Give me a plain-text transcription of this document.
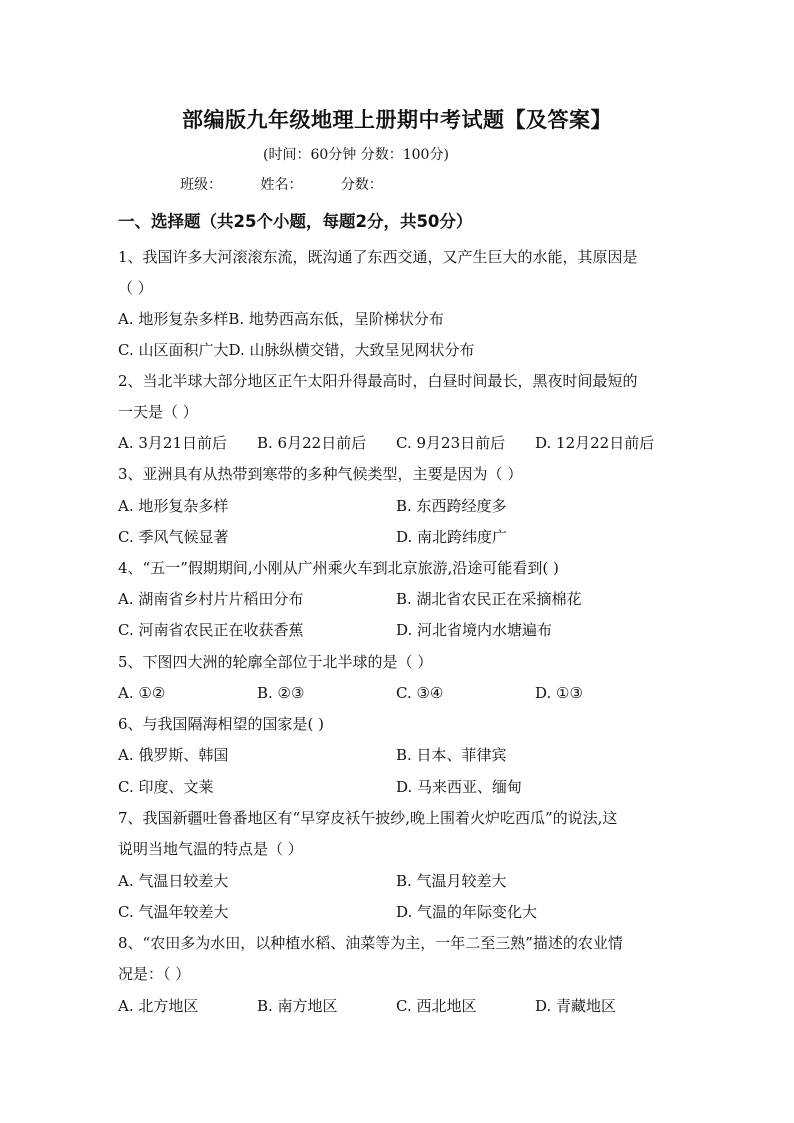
部编版九年级地理上册期中考试题【及答案】
(时间：60分钟 分数：100分)
班级：	姓名：	分数：
一、选择题（共25个小题，每题2分，共50分）
1、我国许多大河滚滚东流，既沟通了东西交通，又产生巨大的水能，其原因是
（ ）
A. 地形复杂多样B. 地势西高东低，呈阶梯状分布
C. 山区面积广大D. 山脉纵横交错，大致呈见网状分布
2、当北半球大部分地区正午太阳升得最高时，白昼时间最长，黑夜时间最短的
一天是（ ）
A. 3月21日前后 B. 6月22日前后 C. 9月23日前后 D. 12月22日前后
3、亚洲具有从热带到寒带的多种气候类型，主要是因为（ ）
A. 地形复杂多样	B. 东西跨经度多
C. 季风气候显著	D. 南北跨纬度广
4、“五一”假期期间,小刚从广州乘火车到北京旅游,沿途可能看到( )
A. 湖南省乡村片片稻田分布	B. 湖北省农民正在采摘棉花
C. 河南省农民正在收获香蕉	D. 河北省境内水塘遍布
5、下图四大洲的轮廓全部位于北半球的是（ ）
A. ①②	B. ②③	C. ③④	D. ①③
6、与我国隔海相望的国家是( )
A. 俄罗斯、韩国	B. 日本、菲律宾
C. 印度、文莱	D. 马来西亚、缅甸
7、我国新疆吐鲁番地区有“早穿皮袄午披纱,晚上围着火炉吃西瓜”的说法,这
说明当地气温的特点是（ ）
A. 气温日较差大	B. 气温月较差大
C. 气温年较差大	D. 气温的年际变化大
8、“农田多为水田，以种植水稻、油菜等为主，一年二至三熟”描述的农业情
况是：（ ）
A. 北方地区	B. 南方地区	C. 西北地区	D. 青藏地区
